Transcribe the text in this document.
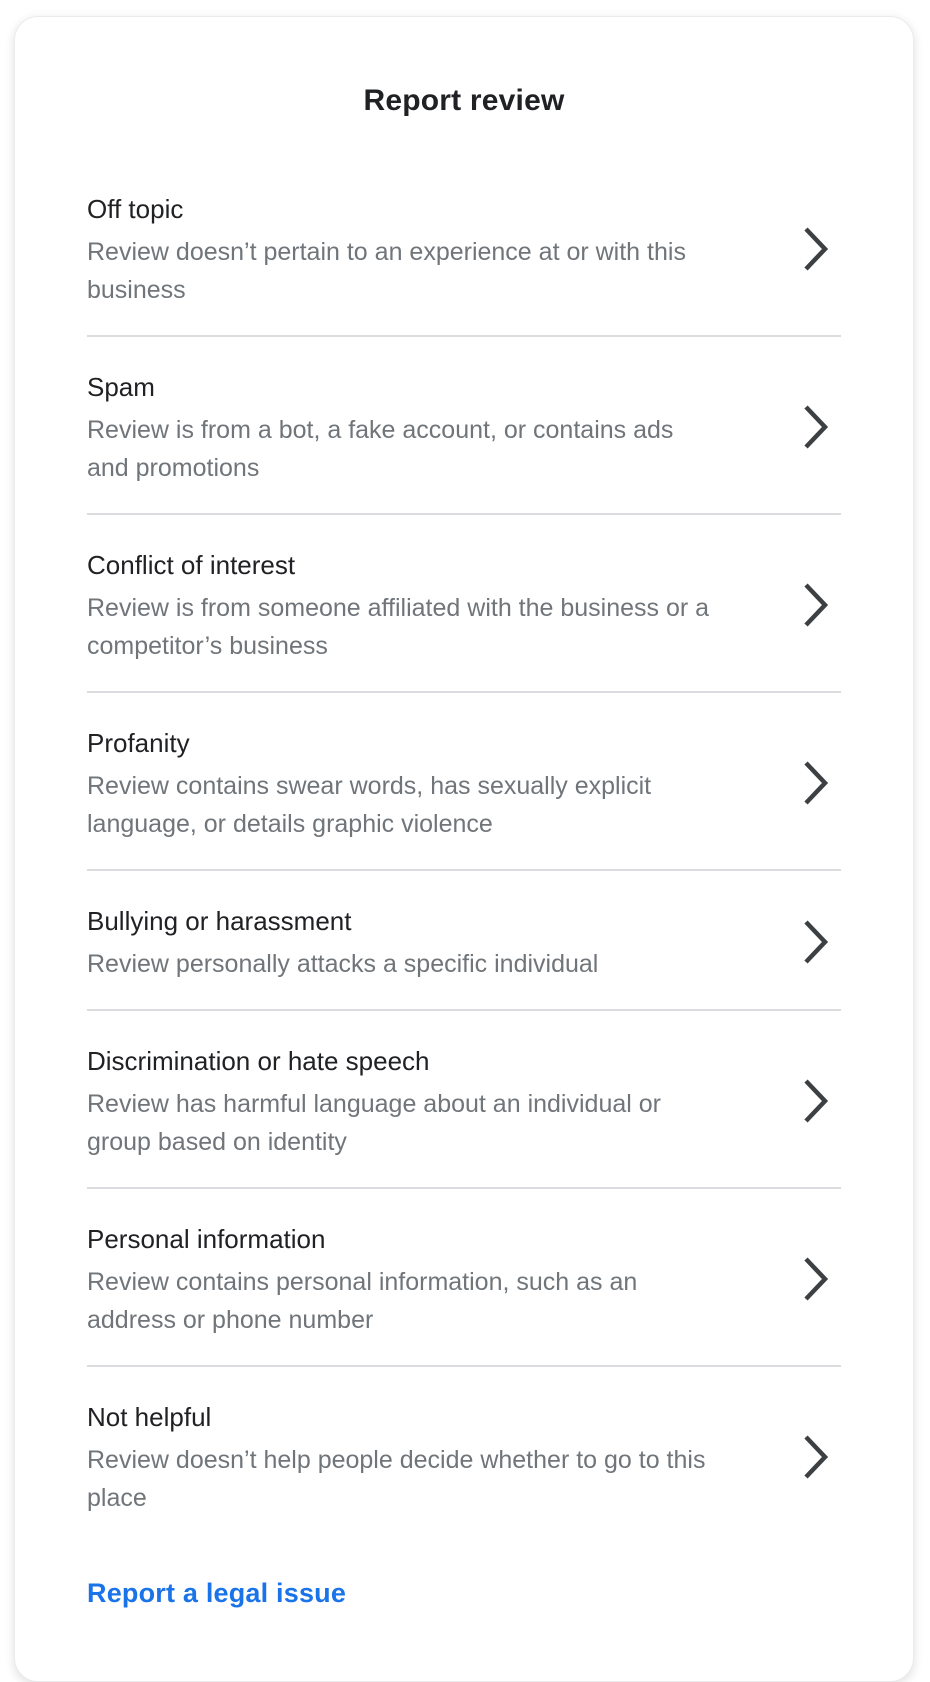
Report review
Off topic
Review doesn’t pertain to an experience at or with this business
Spam
Review is from a bot, a fake account, or contains ads and promotions
Conflict of interest
Review is from someone affiliated with the business or a competitor’s business
Profanity
Review contains swear words, has sexually explicit language, or details graphic violence
Bullying or harassment
Review personally attacks a specific individual
Discrimination or hate speech
Review has harmful language about an individual or group based on identity
Personal information
Review contains personal information, such as an address or phone number
Not helpful
Review doesn’t help people decide whether to go to this place
Report a legal issue
